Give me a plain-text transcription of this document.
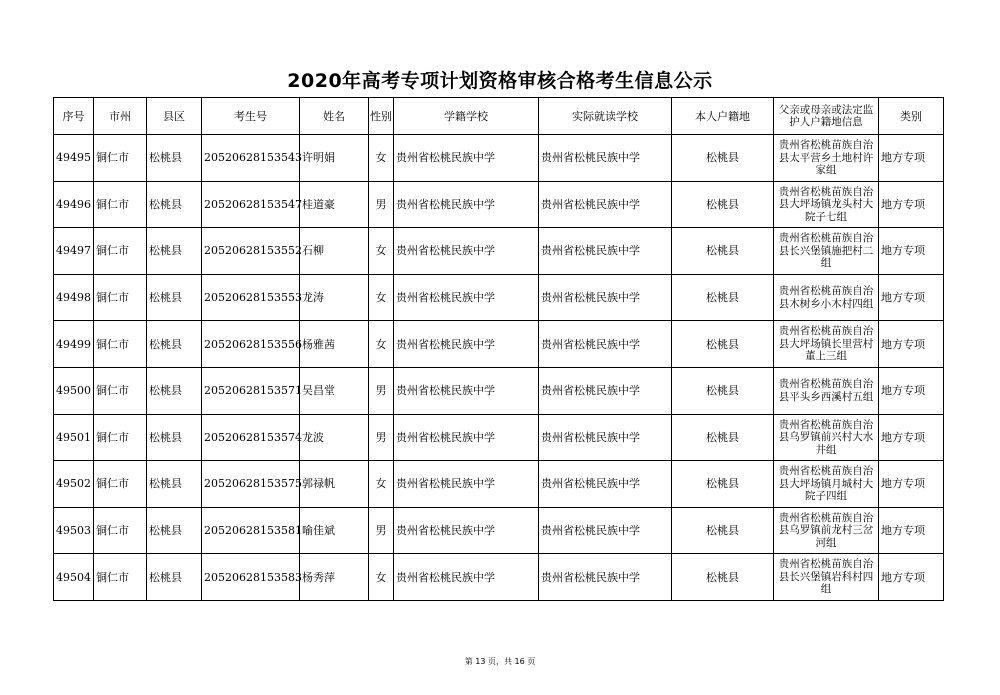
2020年高考专项计划资格审核合格考生信息公示
序号	市州	县区	考生号	姓名	性别	学籍学校	实际就读学校	本人户籍地	父亲或母亲或法定监护人户籍地信息	类别
49495	铜仁市	松桃县	20520628153543	许明娟	女	贵州省松桃民族中学	贵州省松桃民族中学	松桃县	贵州省松桃苗族自治县太平营乡土地村许家组	地方专项
49496	铜仁市	松桃县	20520628153547	桂道豪	男	贵州省松桃民族中学	贵州省松桃民族中学	松桃县	贵州省松桃苗族自治县大坪场镇龙头村大院子七组	地方专项
49497	铜仁市	松桃县	20520628153552	石柳	女	贵州省松桃民族中学	贵州省松桃民族中学	松桃县	贵州省松桃苗族自治县长兴堡镇施把村二组	地方专项
49498	铜仁市	松桃县	20520628153553	龙涛	女	贵州省松桃民族中学	贵州省松桃民族中学	松桃县	贵州省松桃苗族自治县木树乡小木村四组	地方专项
49499	铜仁市	松桃县	20520628153556	杨雅茜	女	贵州省松桃民族中学	贵州省松桃民族中学	松桃县	贵州省松桃苗族自治县大坪场镇长里营村董上三组	地方专项
49500	铜仁市	松桃县	20520628153571	吴昌堂	男	贵州省松桃民族中学	贵州省松桃民族中学	松桃县	贵州省松桃苗族自治县平头乡西溪村五组	地方专项
49501	铜仁市	松桃县	20520628153574	龙波	男	贵州省松桃民族中学	贵州省松桃民族中学	松桃县	贵州省松桃苗族自治县乌罗镇前兴村大水井组	地方专项
49502	铜仁市	松桃县	20520628153575	郭禄帆	女	贵州省松桃民族中学	贵州省松桃民族中学	松桃县	贵州省松桃苗族自治县大坪场镇月城村大院子四组	地方专项
49503	铜仁市	松桃县	20520628153581	喻佳斌	男	贵州省松桃民族中学	贵州省松桃民族中学	松桃县	贵州省松桃苗族自治县乌罗镇前龙村三岔河组	地方专项
49504	铜仁市	松桃县	20520628153583	杨秀萍	女	贵州省松桃民族中学	贵州省松桃民族中学	松桃县	贵州省松桃苗族自治县长兴堡镇岩科村四组	地方专项
第 13 页，共 16 页
